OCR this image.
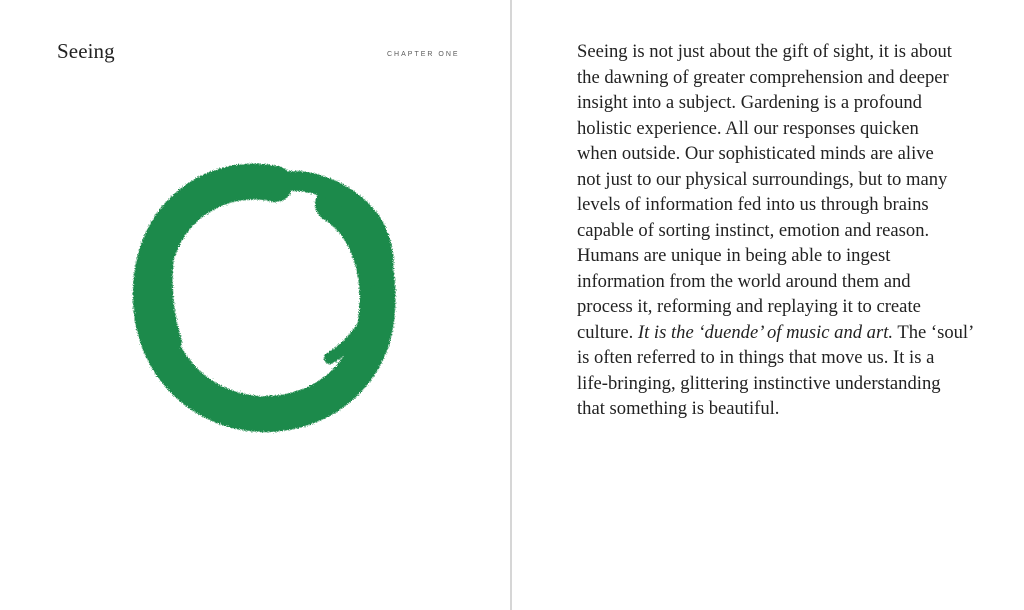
Seeing	CHAPTER ONE	Seeing is not just about the gift of sight, it is about
the dawning of greater comprehension and deeper
insight into a subject. Gardening is a profound
holistic experience. All our responses quicken
when outside. Our sophisticated minds are alive
not just to our physical surroundings, but to many
levels of information fed into us through brains
capable of sorting instinct, emotion and reason.
Humans are unique in being able to ingest
information from the world around them and
process it, reforming and replaying it to create
culture. It is the ‘duende’ of music and art. The ‘soul’
is often referred to in things that move us. It is a
life-bringing, glittering instinctive understanding
that something is beautiful.
